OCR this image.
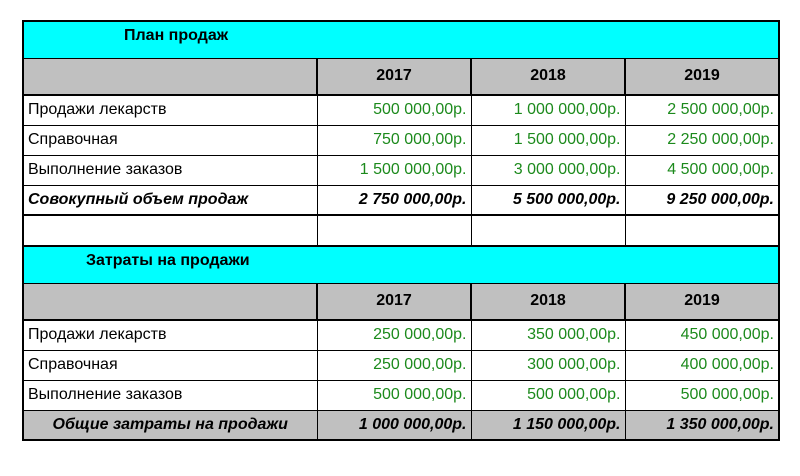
План продаж			
	2017	2018	2019
Продажи лекарств	500 000,00р.	1 000 000,00р.	2 500 000,00р.
Справочная	750 000,00р.	1 500 000,00р.	2 250 000,00р.
Выполнение заказов	1 500 000,00р.	3 000 000,00р.	4 500 000,00р.
Совокупный объем продаж	2 750 000,00р.	5 500 000,00р.	9 250 000,00р.

Затраты на продажи			
	2017	2018	2019
Продажи лекарств	250 000,00р.	350 000,00р.	450 000,00р.
Справочная	250 000,00р.	300 000,00р.	400 000,00р.
Выполнение заказов	500 000,00р.	500 000,00р.	500 000,00р.
Общие затраты на продажи	1 000 000,00р.	1 150 000,00р.	1 350 000,00р.
